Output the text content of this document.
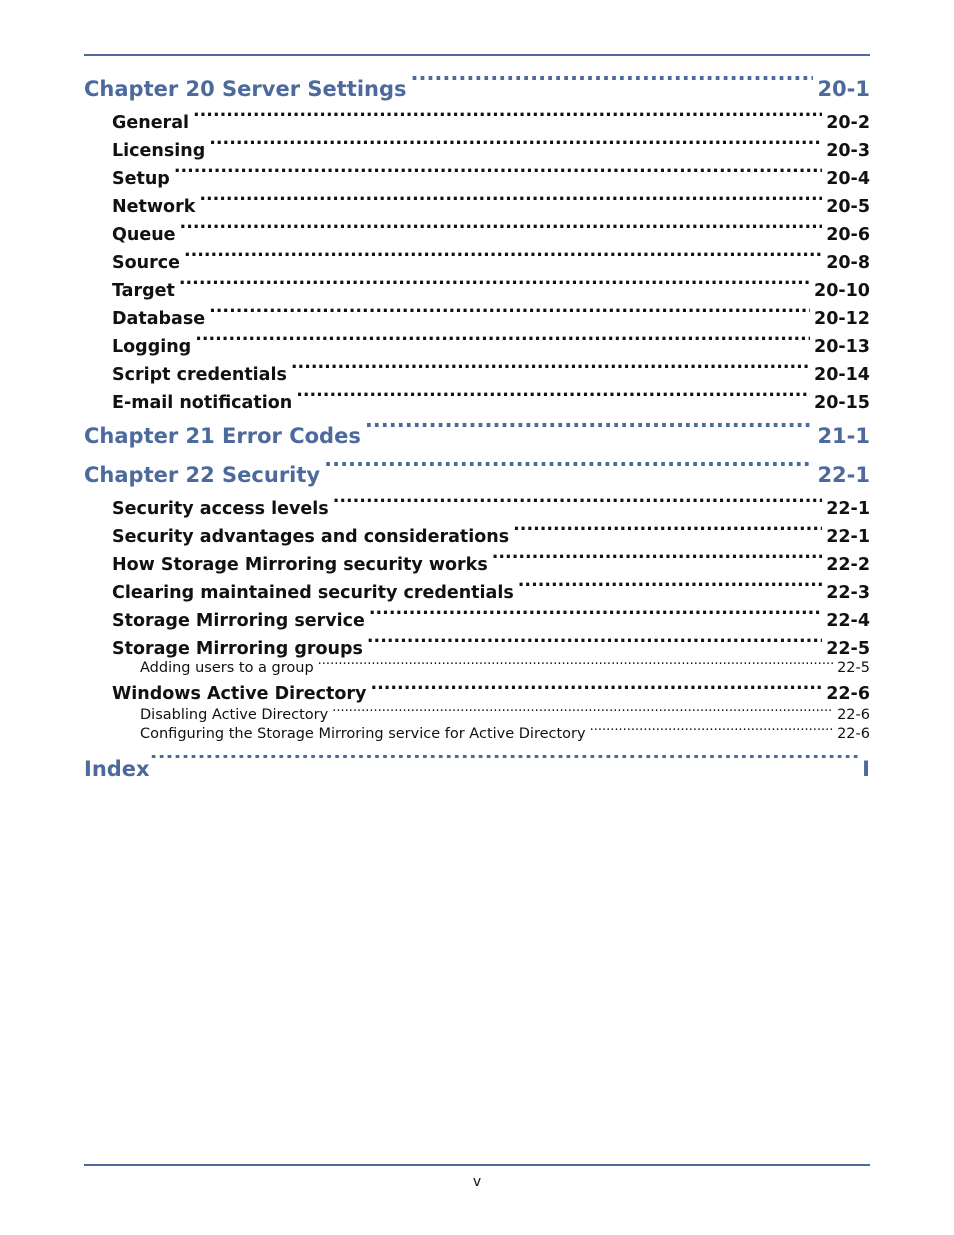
Chapter 20 Server Settings .....	20-1
General .....	20-2
Licensing .....	20-3
Setup .....	20-4
Network .....	20-5
Queue .....	20-6
Source .....	20-8
Target .....	20-10
Database .....	20-12
Logging .....	20-13
Script credentials .....	20-14
E-mail notification .....	20-15
Chapter 21 Error Codes .....	21-1
Chapter 22 Security .....	22-1
Security access levels .....	22-1
Security advantages and considerations .....	22-1
How Storage Mirroring security works .....	22-2
Clearing maintained security credentials .....	22-3
Storage Mirroring service .....	22-4
Storage Mirroring groups .....	22-5
Adding users to a group .....	22-5
Windows Active Directory .....	22-6
Disabling Active Directory .....	22-6
Configuring the Storage Mirroring service for Active Directory .....	22-6
Index .....	I
v
